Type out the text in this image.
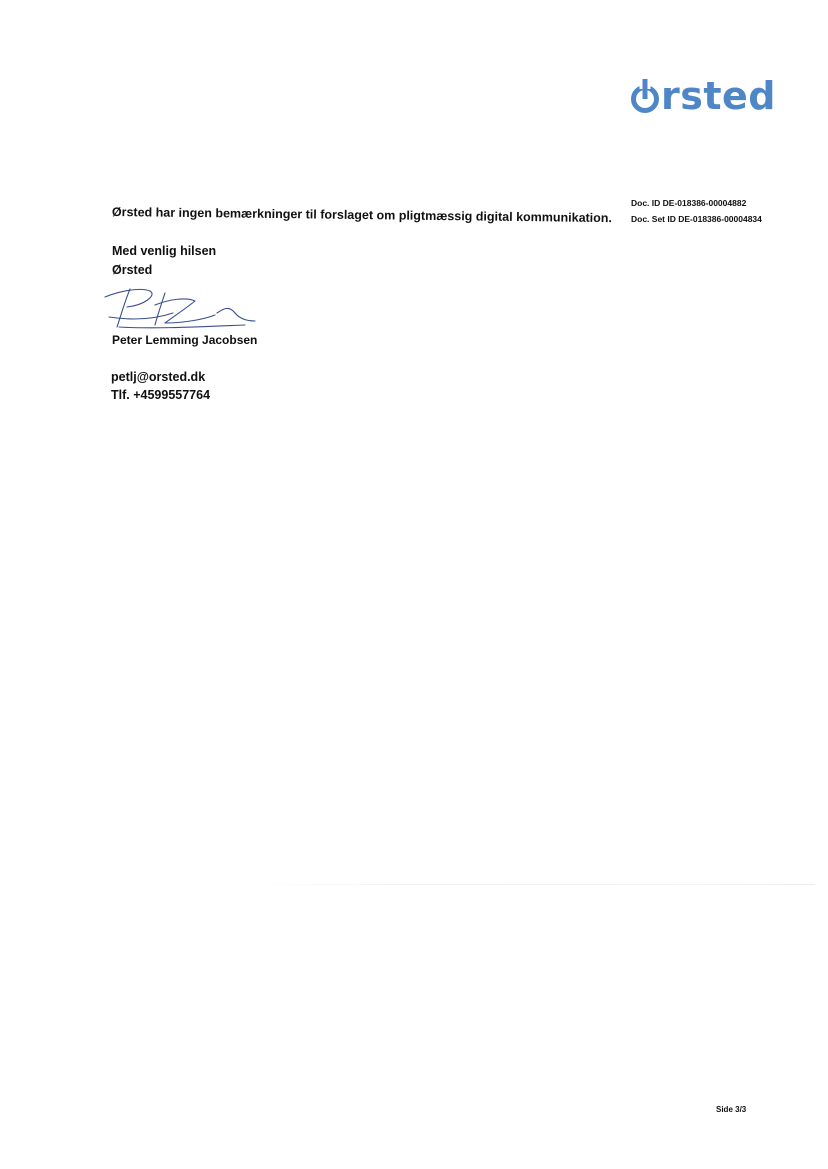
rsted
Doc. ID DE-018386-00004882
Doc. Set ID DE-018386-00004834
Ørsted har ingen bemærkninger til forslaget om pligtmæssig digital kommunikation.
Med venlig hilsen
Ørsted
Peter Lemming Jacobsen
petlj@orsted.dk
Tlf. +4599557764
Side 3/3
